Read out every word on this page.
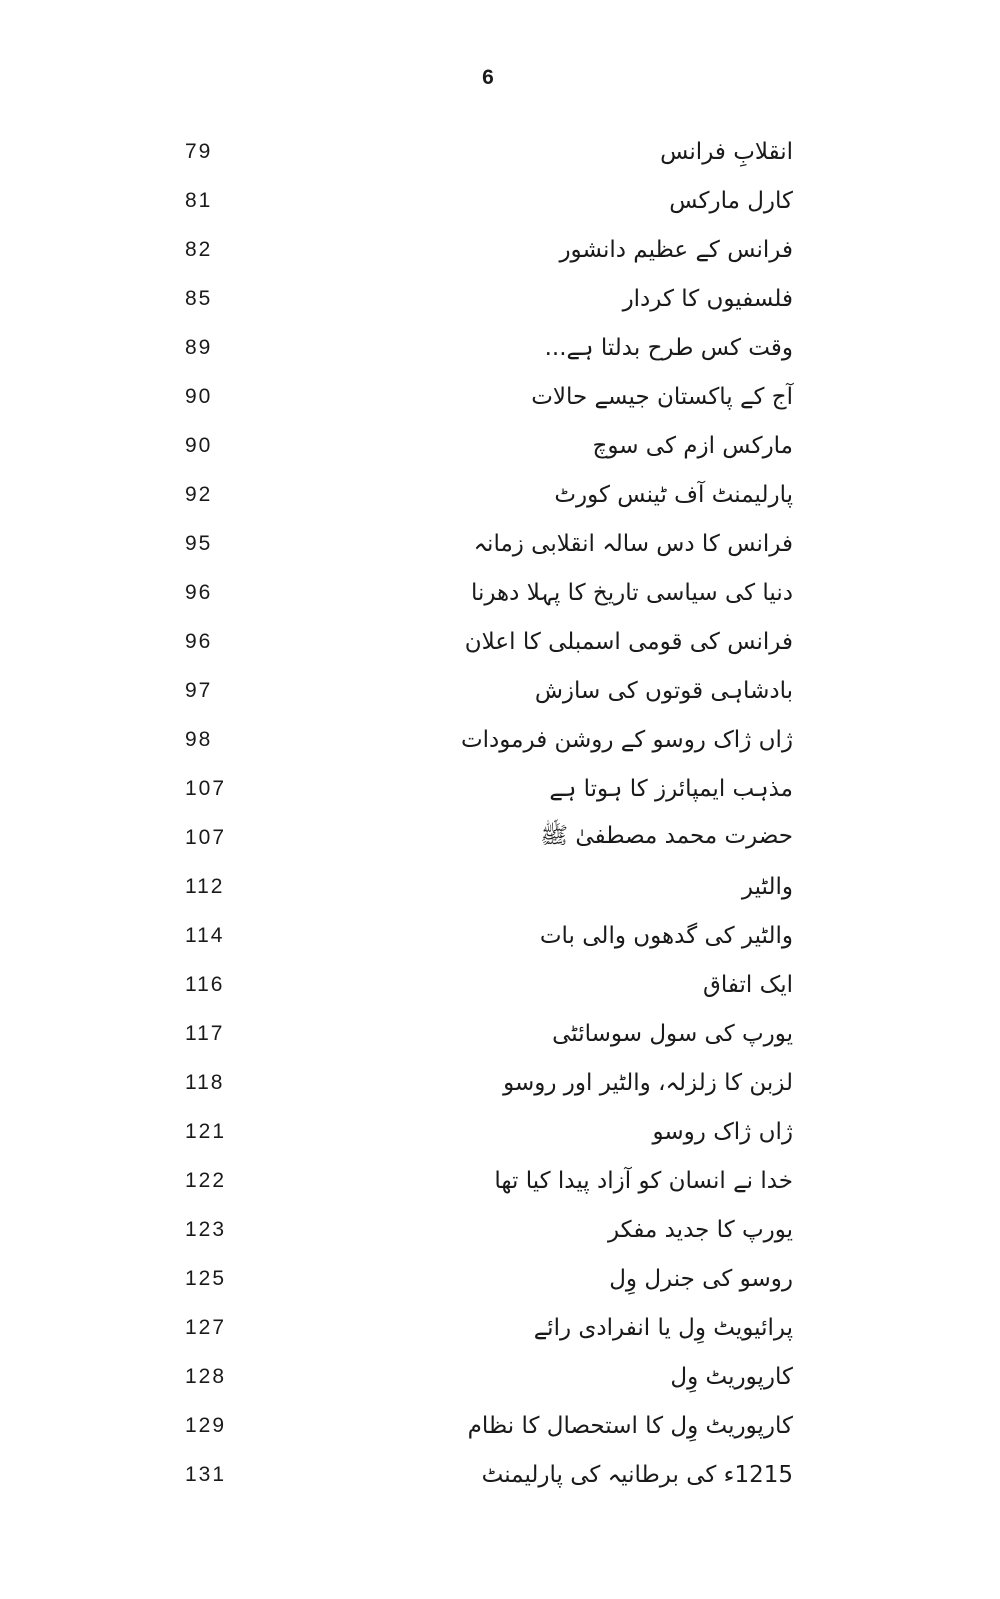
6
79	انقلابِ فرانس
81	کارل مارکس
82	فرانس کے عظیم دانشور
85	فلسفیوں کا کردار
89	وقت کس طرح بدلتا ہے...
90	آج کے پاکستان جیسے حالات
90	مارکس ازم کی سوچ
92	پارلیمنٹ آف ٹینس کورٹ
95	فرانس کا دس سالہ انقلابی زمانہ
96	دنیا کی سیاسی تاریخ کا پہلا دھرنا
96	فرانس کی قومی اسمبلی کا اعلان
97	بادشاہی قوتوں کی سازش
98	ژاں ژاک روسو کے روشن فرمودات
107	مذہب ایمپائرز کا ہوتا ہے
107	حضرت محمد مصطفیٰ ﷺ
112	والٹیر
114	والٹیر کی گدھوں والی بات
116	ایک اتفاق
117	یورپ کی سول سوسائٹی
118	لزبن کا زلزلہ، والٹیر اور روسو
121	ژاں ژاک روسو
122	خدا نے انسان کو آزاد پیدا کیا تھا
123	یورپ کا جدید مفکر
125	روسو کی جنرل وِل
127	پرائیویٹ وِل یا انفرادی رائے
128	کارپوریٹ وِل
129	کارپوریٹ وِل کا استحصال کا نظام
131	1215ء کی برطانیہ کی پارلیمنٹ
